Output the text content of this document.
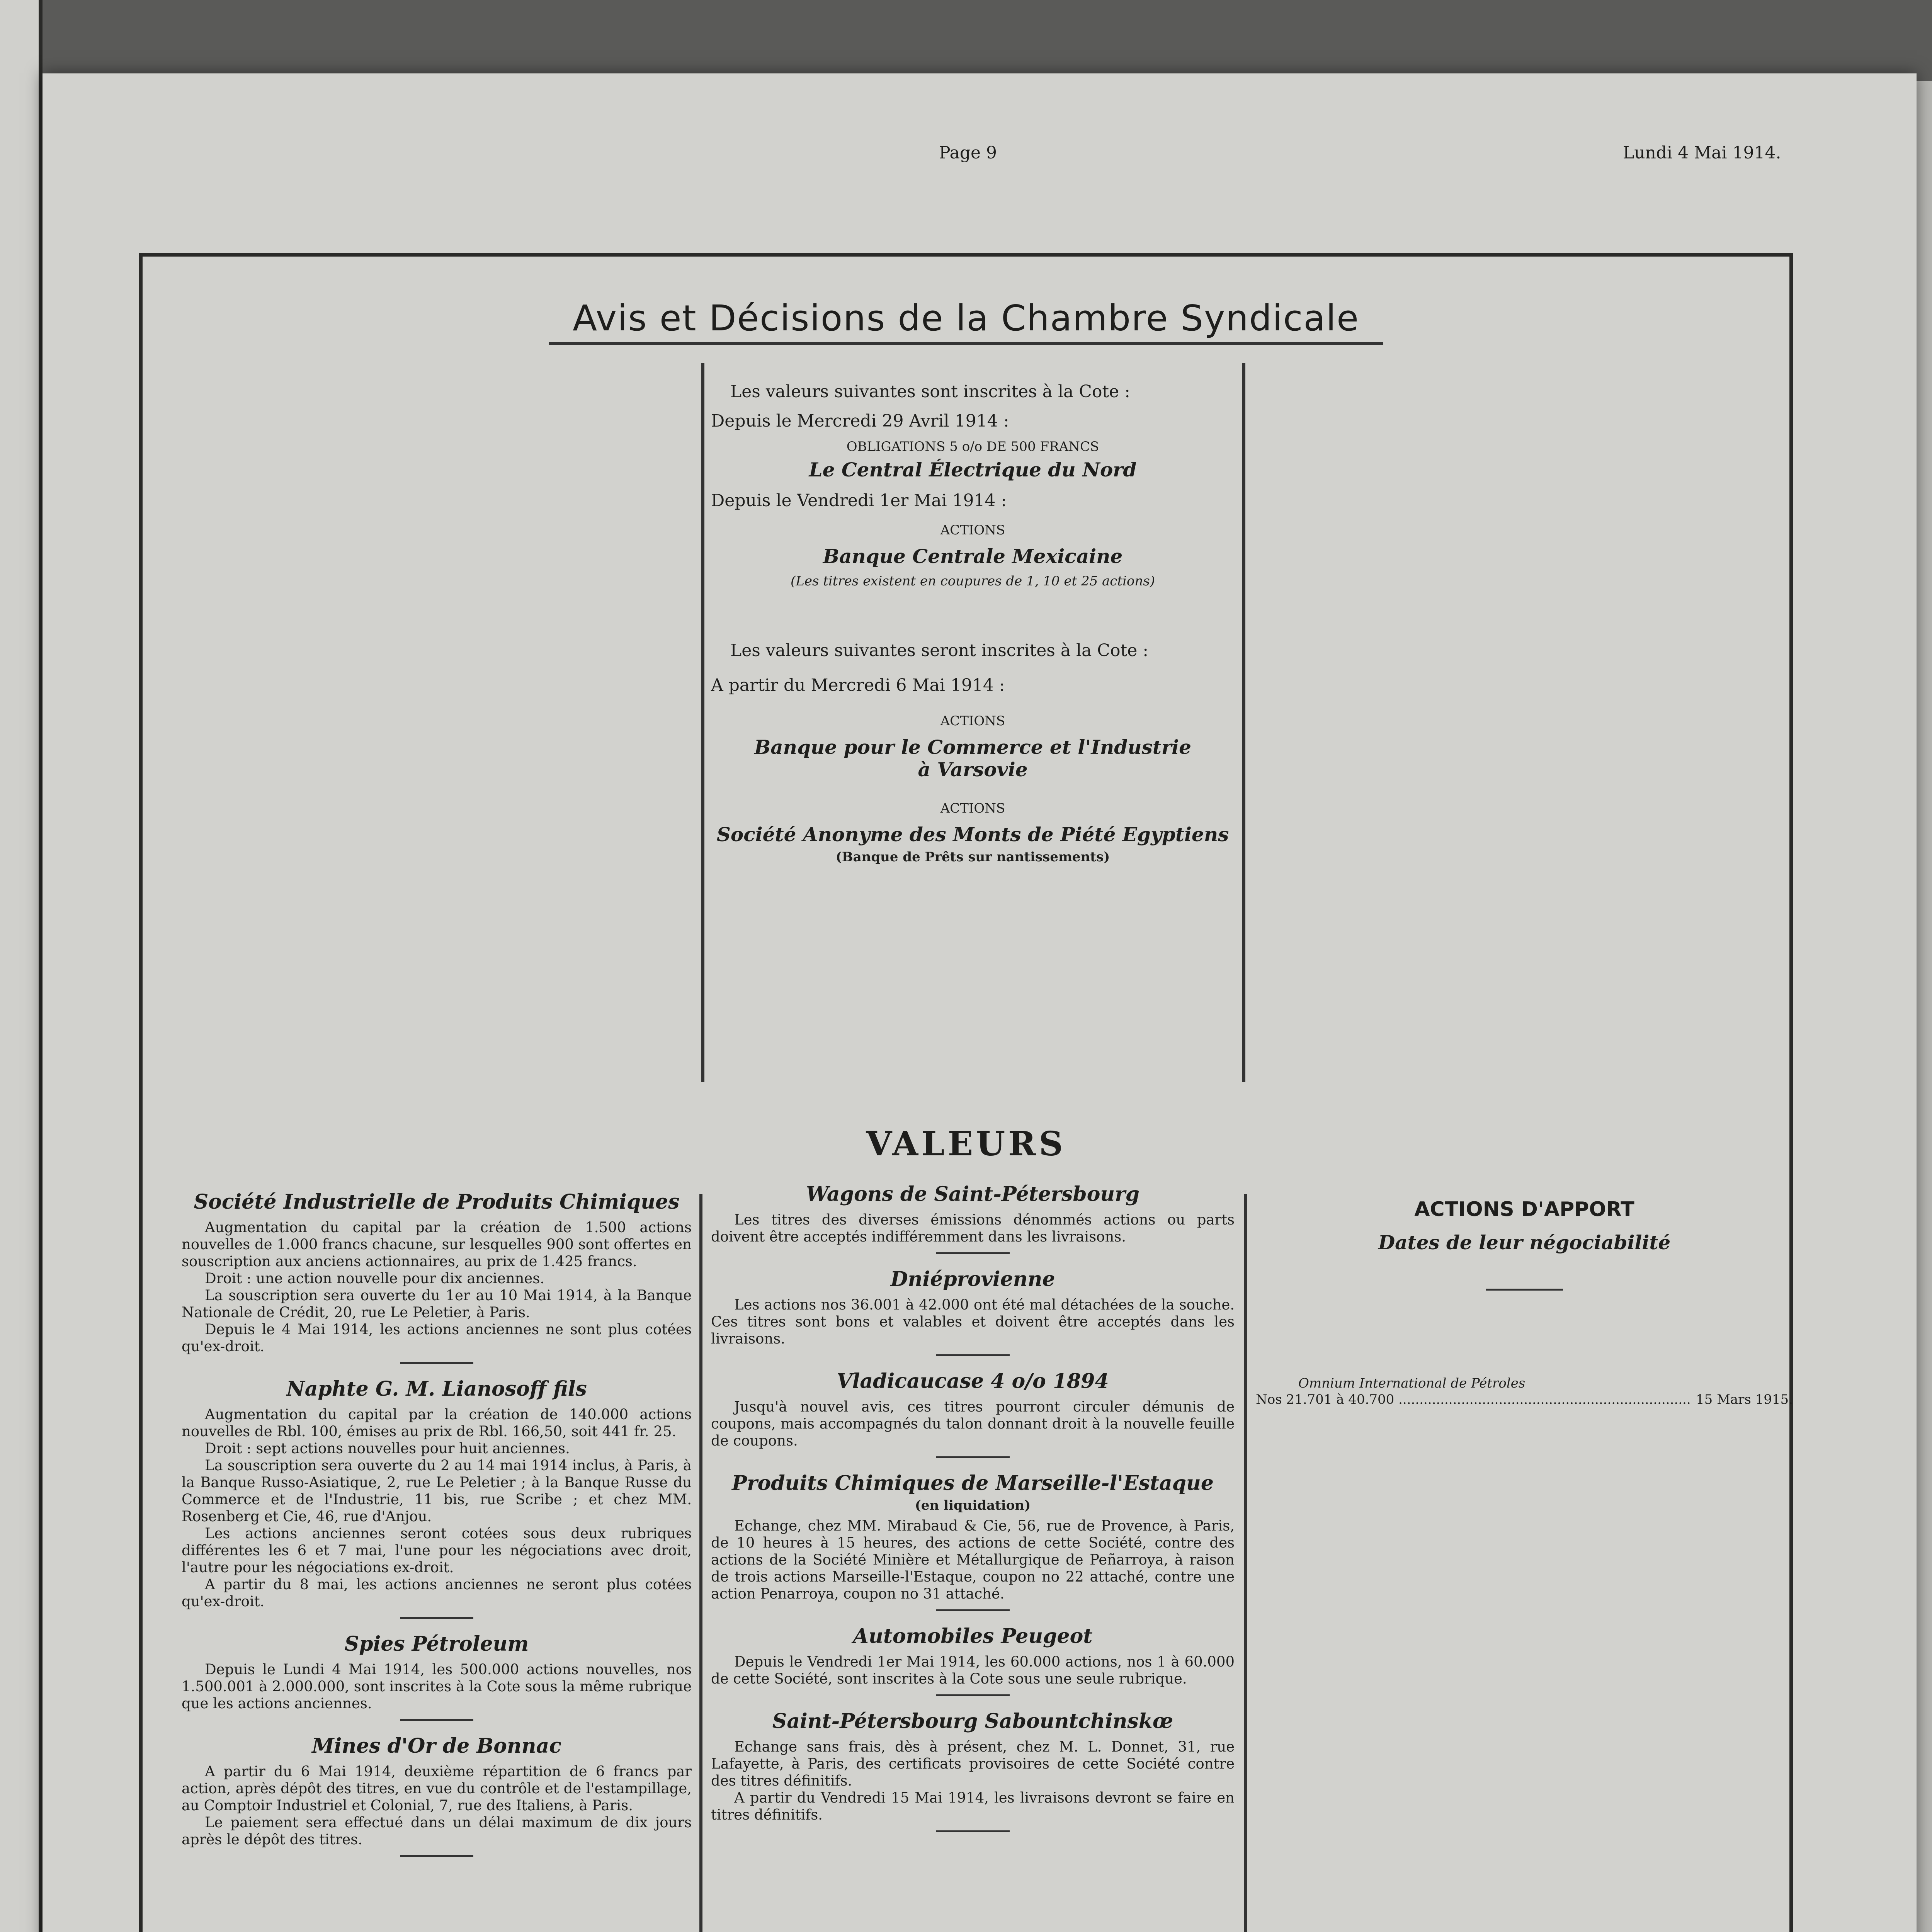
Page 9	Lundi 4 Mai 1914.
Avis et Décisions de la Chambre Syndicale
Les valeurs suivantes sont inscrites à la Cote :
Depuis le Mercredi 29 Avril 1914 :
OBLIGATIONS 5 o/o DE 500 FRANCS
Le Central Électrique du Nord
Depuis le Vendredi 1er Mai 1914 :
ACTIONS
Banque Centrale Mexicaine
(Les titres existent en coupures de 1, 10 et 25 actions)
Les valeurs suivantes seront inscrites à la Cote :
A partir du Mercredi 6 Mai 1914 :
ACTIONS
Banque pour le Commerce et l'Industrie
à Varsovie
ACTIONS
Société Anonyme des Monts de Piété Egyptiens
(Banque de Prêts sur nantissements)
VALEURS
Société Industrielle de Produits Chimiques

Augmentation du capital par la création de 1.500 actions nouvelles de 1.000 francs chacune, sur lesquelles 900 sont offertes en souscription aux anciens actionnaires, au prix de 1.425 francs.

Droit : une action nouvelle pour dix anciennes.

La souscription sera ouverte du 1er au 10 Mai 1914, à la Banque Nationale de Crédit, 20, rue Le Peletier, à Paris.

Depuis le 4 Mai 1914, les actions anciennes ne sont plus cotées qu'ex-droit.

Naphte G. M. Lianosoff fils

Augmentation du capital par la création de 140.000 actions nouvelles de Rbl. 100, émises au prix de Rbl. 166,50, soit 441 fr. 25.

Droit : sept actions nouvelles pour huit anciennes.

La souscription sera ouverte du 2 au 14 mai 1914 inclus, à Paris, à la Banque Russo-Asiatique, 2, rue Le Peletier ; à la Banque Russe du Commerce et de l'Industrie, 11 bis, rue Scribe ; et chez MM. Rosenberg et Cie, 46, rue d'Anjou.

Les actions anciennes seront cotées sous deux rubriques différentes les 6 et 7 mai, l'une pour les négociations avec droit, l'autre pour les négociations ex-droit.

A partir du 8 mai, les actions anciennes ne seront plus cotées qu'ex-droit.

Spies Pétroleum

Depuis le Lundi 4 Mai 1914, les 500.000 actions nouvelles, nos 1.500.001 à 2.000.000, sont inscrites à la Cote sous la même rubrique que les actions anciennes.

Mines d'Or de Bonnac

A partir du 6 Mai 1914, deuxième répartition de 6 francs par action, après dépôt des titres, en vue du contrôle et de l'estampillage, au Comptoir Industriel et Colonial, 7, rue des Italiens, à Paris.

Le paiement sera effectué dans un délai maximum de dix jours après le dépôt des titres.

Wagons de Saint-Pétersbourg

Les titres des diverses émissions dénommés actions ou parts doivent être acceptés indifféremment dans les livraisons.

Dniéprovienne

Les actions nos 36.001 à 42.000 ont été mal détachées de la souche. Ces titres sont bons et valables et doivent être acceptés dans les livraisons.

Vladicaucase 4 o/o 1894

Jusqu'à nouvel avis, ces titres pourront circuler démunis de coupons, mais accompagnés du talon donnant droit à la nouvelle feuille de coupons.

Produits Chimiques de Marseille-l'Estaque
(en liquidation)

Echange, chez MM. Mirabaud & Cie, 56, rue de Provence, à Paris, de 10 heures à 15 heures, des actions de cette Société, contre des actions de la Société Minière et Métallurgique de Peñarroya, à raison de trois actions Marseille-l'Estaque, coupon no 22 attaché, contre une action Penarroya, coupon no 31 attaché.

Automobiles Peugeot

Depuis le Vendredi 1er Mai 1914, les 60.000 actions, nos 1 à 60.000 de cette Société, sont inscrites à la Cote sous une seule rubrique.

Saint-Pétersbourg Sabountchinskœ

Echange sans frais, dès à présent, chez M. L. Donnet, 31, rue Lafayette, à Paris, des certificats provisoires de cette Société contre des titres définitifs.

A partir du Vendredi 15 Mai 1914, les livraisons devront se faire en titres définitifs.

ACTIONS D'APPORT
Dates de leur négociabilité
Omnium International de Pétroles
Nos 21.701 à 40.700 .....	15 Mars 1915.
